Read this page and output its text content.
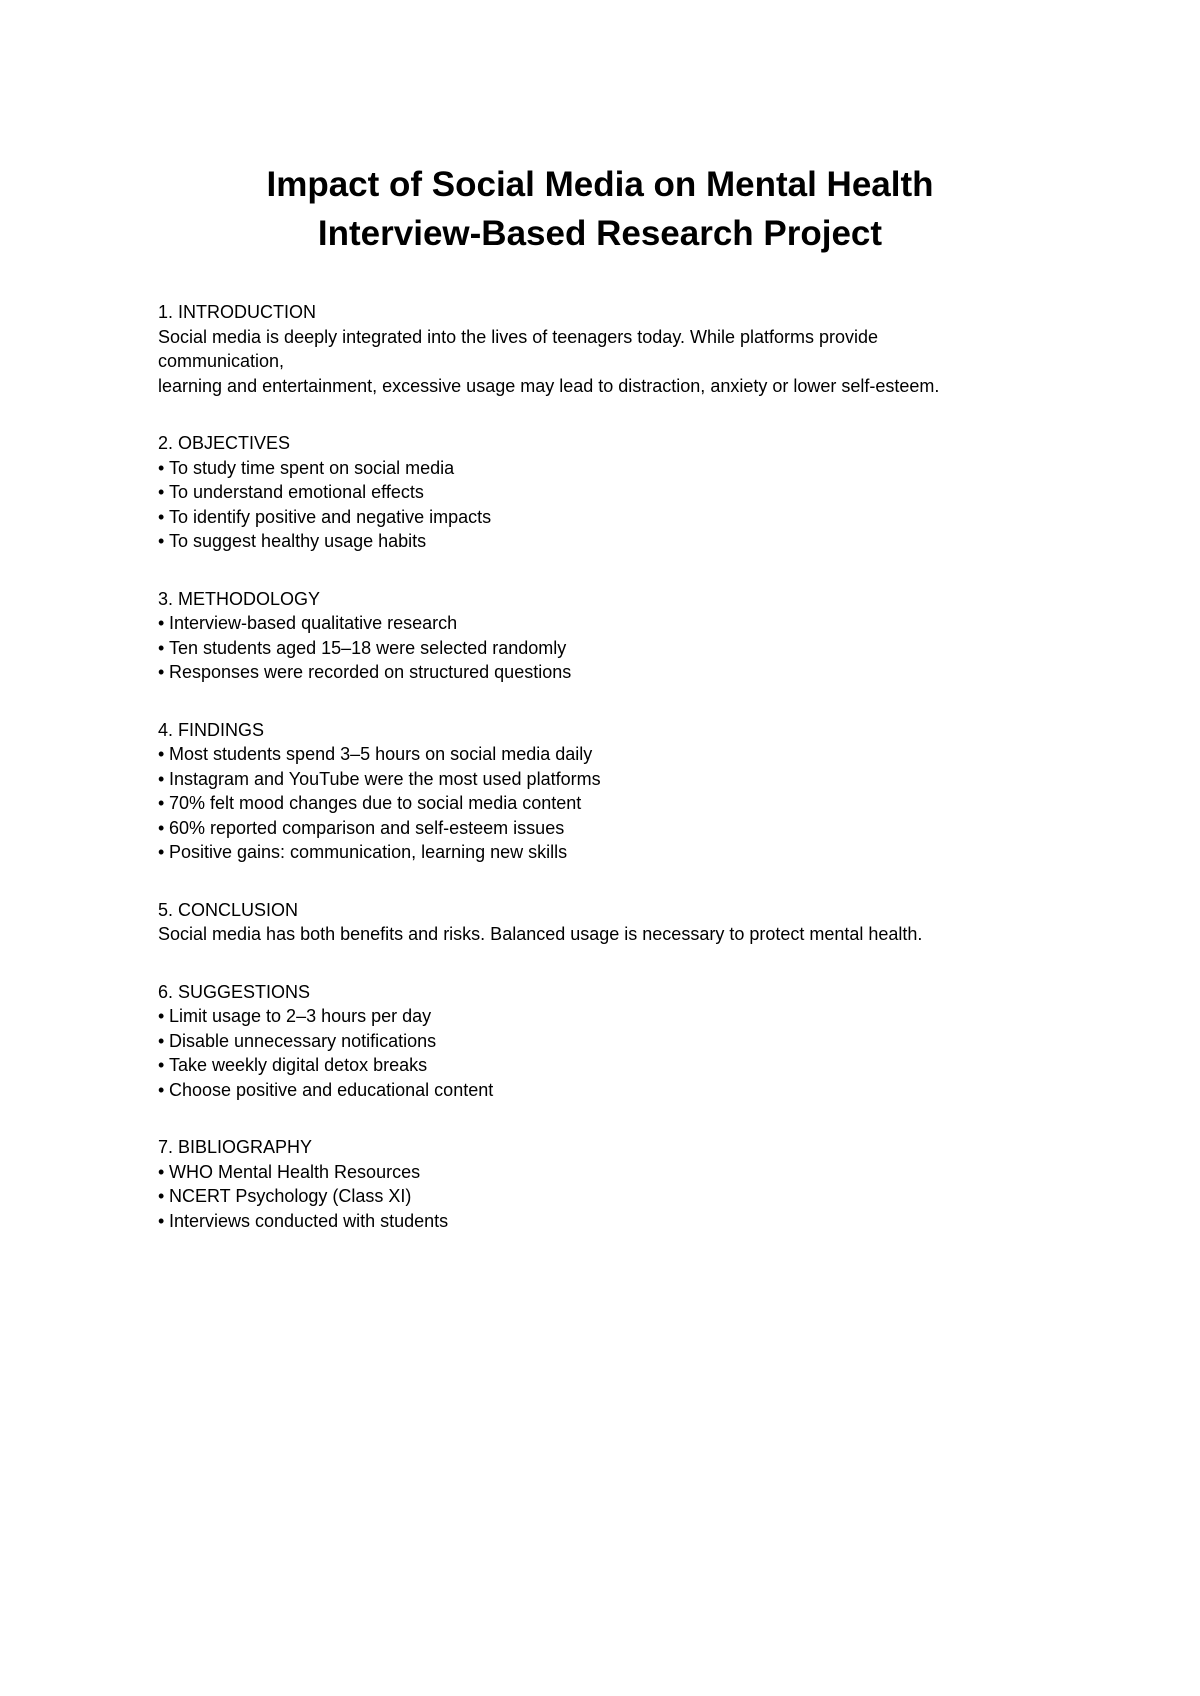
Impact of Social Media on Mental Health

Interview-Based Research Project

1. INTRODUCTION

Social media is deeply integrated into the lives of teenagers today. While platforms provide

communication,

learning and entertainment, excessive usage may lead to distraction, anxiety or lower self-esteem.

2. OBJECTIVES

• To study time spent on social media
• To understand emotional effects
• To identify positive and negative impacts
• To suggest healthy usage habits

3. METHODOLOGY

• Interview-based qualitative research
• Ten students aged 15–18 were selected randomly
• Responses were recorded on structured questions

4. FINDINGS

• Most students spend 3–5 hours on social media daily
• Instagram and YouTube were the most used platforms
• 70% felt mood changes due to social media content
• 60% reported comparison and self-esteem issues
• Positive gains: communication, learning new skills

5. CONCLUSION

Social media has both benefits and risks. Balanced usage is necessary to protect mental health.

6. SUGGESTIONS

• Limit usage to 2–3 hours per day
• Disable unnecessary notifications
• Take weekly digital detox breaks
• Choose positive and educational content

7. BIBLIOGRAPHY

• WHO Mental Health Resources
• NCERT Psychology (Class XI)
• Interviews conducted with students
